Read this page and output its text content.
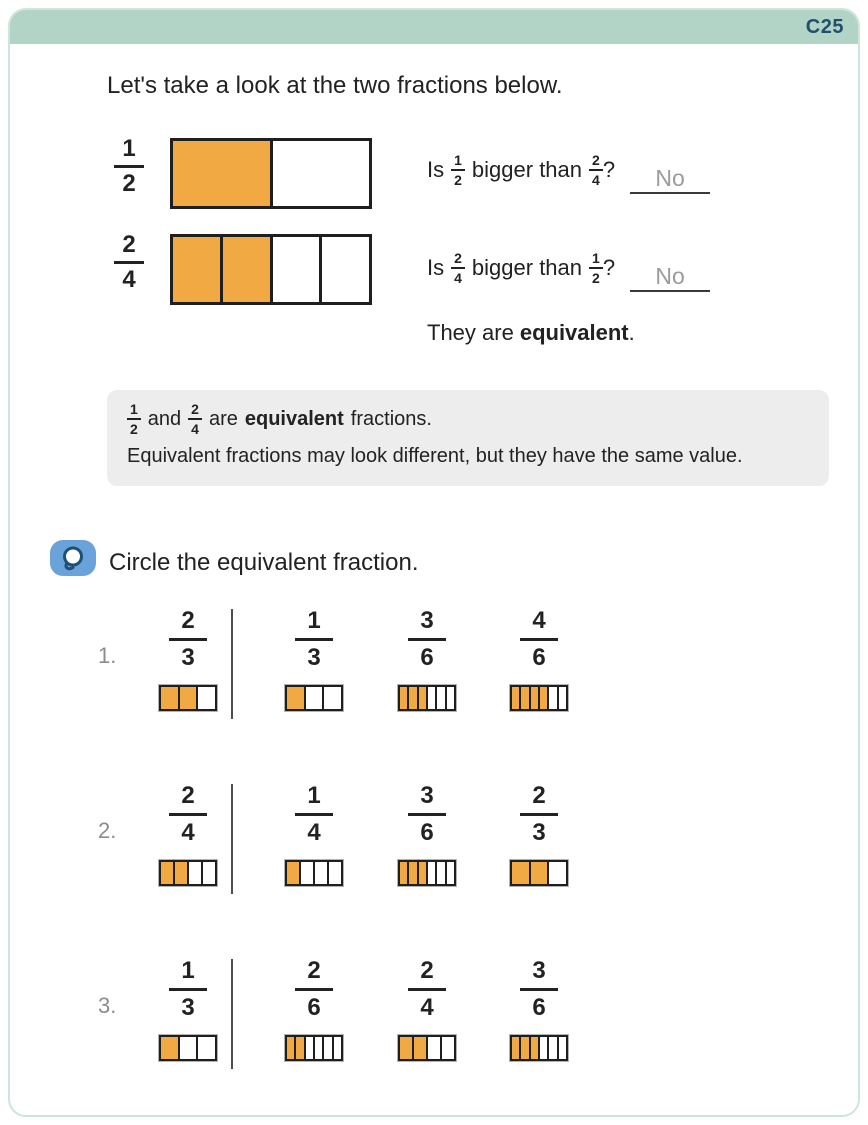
C25
Let's take a look at the two fractions below.
1
2
Is $\frac{1}{2}$ bigger than $\frac{2}{4}$ ?	No
2
4	Is $\frac{2}{4}$ bigger than $\frac{1}{2}$ ?	No
They are equivalent.
$\frac{1}{2}$ and $\frac{2}{4}$ are equivalent fractions.
Equivalent fractions may look different, but they have the same value.
Circle the equivalent fraction.
1. $\frac{2}{3}$	$\frac{1}{3}$	$\frac{3}{6}$	$\frac{4}{6}$
2. $\frac{2}{4}$	$\frac{1}{4}$	$\frac{3}{6}$	$\frac{2}{3}$
3. $\frac{1}{3}$	$\frac{2}{6}$	$\frac{2}{4}$	$\frac{3}{6}$
